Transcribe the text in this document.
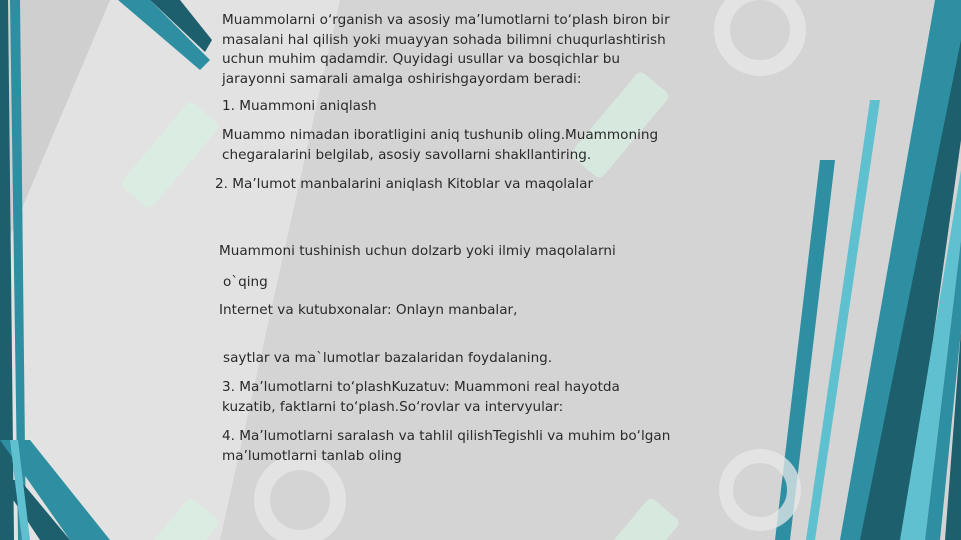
Muammolarni o‘rganish va asosiy ma’lumotlarni to‘plash biron bir
masalani hal qilish yoki muayyan sohada bilimni chuqurlashtirish
uchun muhim qadamdir. Quyidagi usullar va bosqichlar bu
jarayonni samarali amalga oshirishgayordam beradi:

1. Muammoni aniqlash

Muammo nimadan iboratligini aniq tushunib oling.Muammoning
chegaralarini belgilab, asosiy savollarni shakllantiring.

2. Ma’lumot manbalarini aniqlash Kitoblar va maqolalar

Muammoni tushinish uchun dolzarb yoki ilmiy maqolalarni

o`qing

Internet va kutubxonalar: Onlayn manbalar,

saytlar va ma`lumotlar bazalaridan foydalaning.

3. Ma’lumotlarni to‘plashKuzatuv: Muammoni real hayotda
kuzatib, faktlarni to‘plash.So‘rovlar va intervyular:

4. Ma’lumotlarni saralash va tahlil qilishTegishli va muhim bo‘lgan
ma’lumotlarni tanlab oling
